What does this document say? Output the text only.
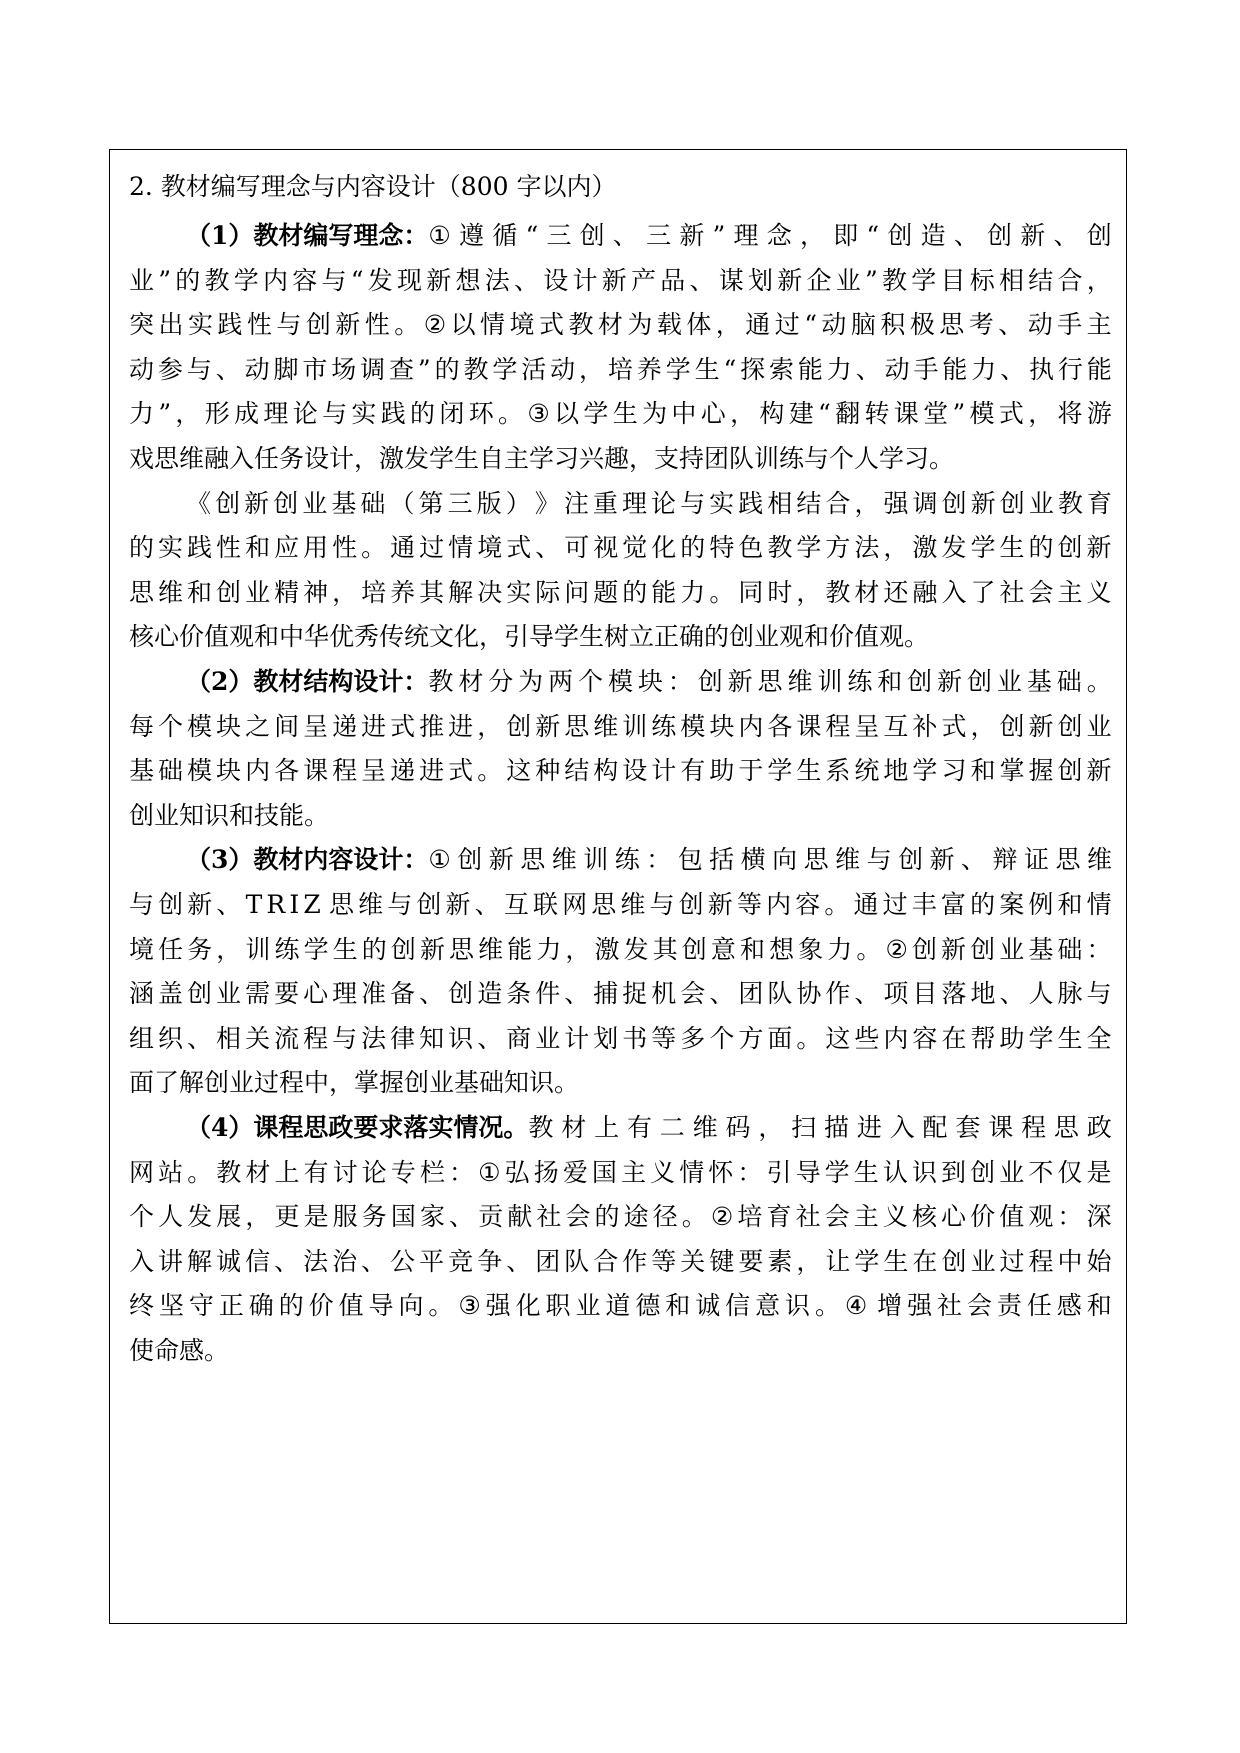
2. 教材编写理念与内容设计（800 字以内）
（1）教材编写理念： ① 遵 循 “ 三 创 、 三 新 ” 理 念 ， 即 “ 创 造 、 创 新 、 创
业 ” 的 教 学 内 容 与 “ 发 现 新 想 法 、 设 计 新 产 品 、 谋 划 新 企 业 ” 教 学 目 标 相 结 合 ，
突 出 实 践 性 与 创 新 性 。 ② 以 情 境 式 教 材 为 载 体 ， 通 过 “ 动 脑 积 极 思 考 、 动 手 主
动 参 与 、 动 脚 市 场 调 查 ” 的 教 学 活 动 ， 培 养 学 生 “ 探 索 能 力 、 动 手 能 力 、 执 行 能
力 ” ， 形 成 理 论 与 实 践 的 闭 环 。 ③ 以 学 生 为 中 心 ， 构 建 “ 翻 转 课 堂 ” 模 式 ， 将 游
戏思维融入任务设计，激发学生自主学习兴趣，支持团队训练与个人学习。
《 创 新 创 业 基 础 （ 第 三 版 ） 》 注 重 理 论 与 实 践 相 结 合 ， 强 调 创 新 创 业 教 育
的 实 践 性 和 应 用 性 。 通 过 情 境 式 、 可 视 觉 化 的 特 色 教 学 方 法 ， 激 发 学 生 的 创 新
思 维 和 创 业 精 神 ， 培 养 其 解 决 实 际 问 题 的 能 力 。 同 时 ， 教 材 还 融 入 了 社 会 主 义
核心价值观和中华优秀传统文化，引导学生树立正确的创业观和价值观。
（2）教材结构设计： 教 材 分 为 两 个 模 块 ： 创 新 思 维 训 练 和 创 新 创 业 基 础 。
每 个 模 块 之 间 呈 递 进 式 推 进 ， 创 新 思 维 训 练 模 块 内 各 课 程 呈 互 补 式 ， 创 新 创 业
基 础 模 块 内 各 课 程 呈 递 进 式 。 这 种 结 构 设 计 有 助 于 学 生 系 统 地 学 习 和 掌 握 创 新
创业知识和技能。
（3）教材内容设计： ① 创 新 思 维 训 练 ： 包 括 横 向 思 维 与 创 新 、 辩 证 思 维
与 创 新 、 T R I Z 思 维 与 创 新 、 互 联 网 思 维 与 创 新 等 内 容 。 通 过 丰 富 的 案 例 和 情
境 任 务 ， 训 练 学 生 的 创 新 思 维 能 力 ， 激 发 其 创 意 和 想 象 力 。 ② 创 新 创 业 基 础 ：
涵 盖 创 业 需 要 心 理 准 备 、 创 造 条 件 、 捕 捉 机 会 、 团 队 协 作 、 项 目 落 地 、 人 脉 与
组 织 、 相 关 流 程 与 法 律 知 识 、 商 业 计 划 书 等 多 个 方 面 。 这 些 内 容 在 帮 助 学 生 全
面了解创业过程中，掌握创业基础知识。
（4）课程思政要求落实情况。 教 材 上 有 二 维 码 ， 扫 描 进 入 配 套 课 程 思 政
网 站 。 教 材 上 有 讨 论 专 栏 ： ① 弘 扬 爱 国 主 义 情 怀 ： 引 导 学 生 认 识 到 创 业 不 仅 是
个 人 发 展 ， 更 是 服 务 国 家 、 贡 献 社 会 的 途 径 。 ② 培 育 社 会 主 义 核 心 价 值 观 ： 深
入 讲 解 诚 信 、 法 治 、 公 平 竞 争 、 团 队 合 作 等 关 键 要 素 ， 让 学 生 在 创 业 过 程 中 始
终 坚 守 正 确 的 价 值 导 向 。 ③ 强 化 职 业 道 德 和 诚 信 意 识 。 ④ 增 强 社 会 责 任 感 和
使命感。
